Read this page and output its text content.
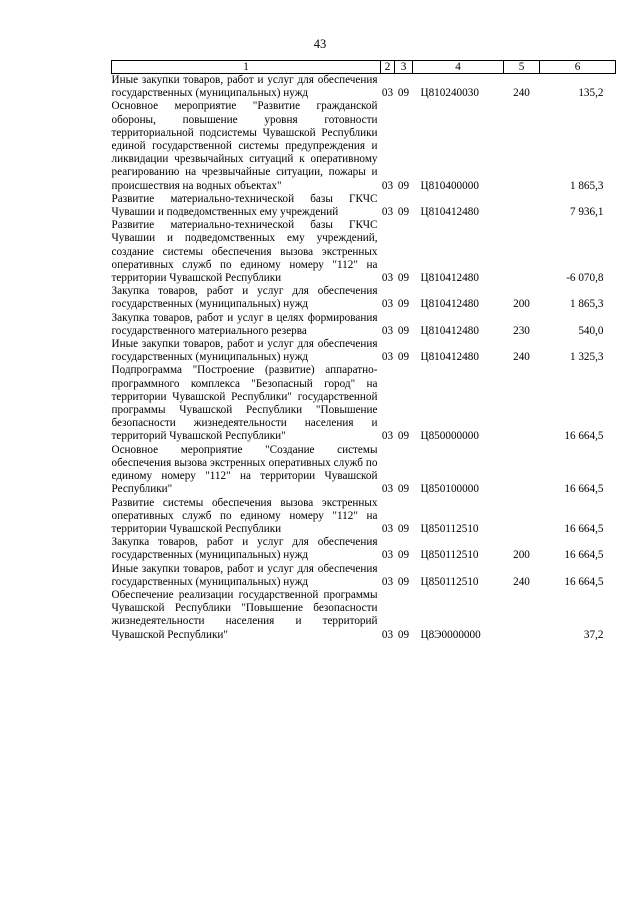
43
1	2	3	4	5	6
Иные закупки товаров, работ и услуг для обеспечения государственных (муниципальных) нужд	03	09	Ц810240030	240	135,2
Основное мероприятие "Развитие гражданской обороны, повышение уровня готовности территориальной подсистемы Чувашской Республики единой государственной системы предупреждения и ликвидации чрезвычайных ситуаций к оперативному реагированию на чрезвычайные ситуации, пожары и происшествия на водных объектах"	03	09	Ц810400000		1 865,3
Развитие материально-технической базы ГКЧС Чувашии и подведомственных ему учреждений	03	09	Ц810412480		7 936,1
Развитие материально-технической базы ГКЧС Чувашии и подведомственных ему учреждений, создание системы обеспечения вызова экстренных оперативных служб по единому номеру "112" на территории Чувашской Республики	03	09	Ц810412480		-6 070,8
Закупка товаров, работ и услуг для обеспечения государственных (муниципальных) нужд	03	09	Ц810412480	200	1 865,3
Закупка товаров, работ и услуг в целях формирования государственного материального резерва	03	09	Ц810412480	230	540,0
Иные закупки товаров, работ и услуг для обеспечения государственных (муниципальных) нужд	03	09	Ц810412480	240	1 325,3
Подпрограмма "Построение (развитие) аппаратно-программного комплекса "Безопасный город" на территории Чувашской Республики" государственной программы Чувашской Республики "Повышение безопасности жизнедеятельности населения и территорий Чувашской Республики"	03	09	Ц850000000		16 664,5
Основное мероприятие "Создание системы обеспечения вызова экстренных оперативных служб по единому номеру "112" на территории Чувашской Республики"	03	09	Ц850100000		16 664,5
Развитие системы обеспечения вызова экстренных оперативных служб по единому номеру "112" на территории Чувашской Республики	03	09	Ц850112510		16 664,5
Закупка товаров, работ и услуг для обеспечения государственных (муниципальных) нужд	03	09	Ц850112510	200	16 664,5
Иные закупки товаров, работ и услуг для обеспечения государственных (муниципальных) нужд	03	09	Ц850112510	240	16 664,5
Обеспечение реализации государственной программы Чувашской Республики "Повышение безопасности жизнедеятельности населения и территорий Чувашской Республики"	03	09	Ц8Э0000000		37,2
